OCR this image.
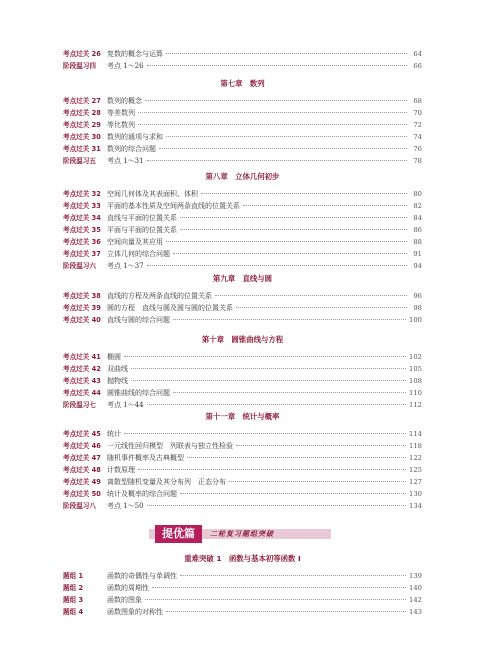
考点过关 26 复数的概念与运算	64
阶段温习四	考点 1～26	66
第七章　数列
考点过关 27 数列的概念	68
考点过关 28 等差数列	70
考点过关 29 等比数列	72
考点过关 30 数列的通项与求和	74
考点过关 31 数列的综合问题	76
阶段温习五	考点 1～31	78
第八章　立体几何初步
考点过关 32 空间几何体及其表面积、体积	80
考点过关 33 平面的基本性质及空间两条直线的位置关系	82
考点过关 34 直线与平面的位置关系	84
考点过关 35 平面与平面的位置关系	86
考点过关 36 空间向量及其应用	88
考点过关 37 立体几何的综合问题	91
阶段温习六	考点 1～37	94
第九章　直线与圆
考点过关 38 直线的方程及两条直线的位置关系	96
考点过关 39 圆的方程　直线与圆及圆与圆的位置关系	98
考点过关 40 直线与圆的综合问题	100
第十章　圆锥曲线与方程
考点过关 41 椭圆	102
考点过关 42 双曲线	105
考点过关 43 抛物线	108
考点过关 44 圆锥曲线的综合问题	110
阶段温习七	考点 1～44	112
第十一章　统计与概率
考点过关 45 统计	114
考点过关 46 一元线性回归模型　列联表与独立性检验	118
考点过关 47 随机事件概率及古典概型	122
考点过关 48 计数原理	125
考点过关 49 离散型随机变量及其分布列　正态分布	127
考点过关 50 统计及概率的综合问题	130
阶段温习八	考点 1～50	134
提优篇	二轮复习题组突破
重难突破 1　函数与基本初等函数 I
题组 1	函数的奇偶性与单调性	139
题组 2	函数的周期性	140
题组 3	函数的图象	142
题组 4	函数图象的对称性	143
